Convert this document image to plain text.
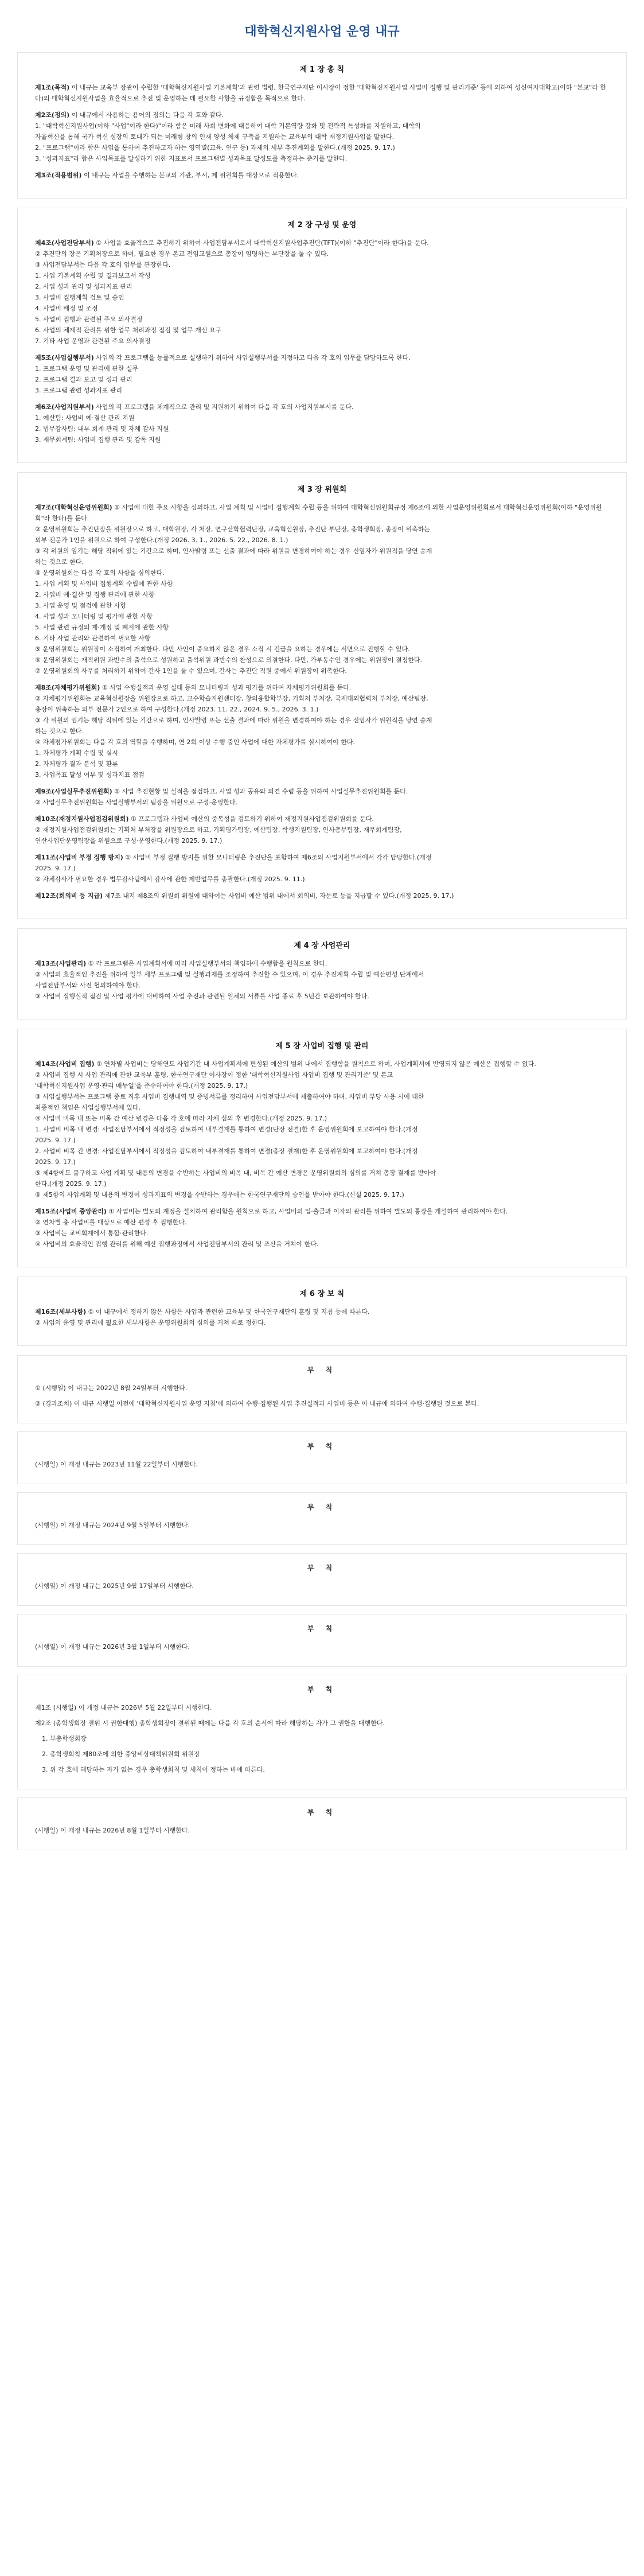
대학혁신지원사업 운영 내규
제 1 장 총 칙
제1조(목적) 이 내규는 교육부 장관이 수립한 '대학혁신지원사업 기본계획'과 관련 법령, 한국연구재단 이사장이 정한 '대학혁신지원사업 사업비 집행 및 관리기준' 등에 의하여 성신여자대학교(이하 "본교"라 한다)의 대학혁신지원사업을 효율적으로 추진 및 운영하는 데 필요한 사항을 규정함을 목적으로 한다.
제2조(정의) 이 내규에서 사용하는 용어의 정의는 다음 각 호와 같다.
1. "대학혁신지원사업(이하 "사업"이라 한다)"이라 함은 미래 사회 변화에 대응하여 대학 기본역량 강화 및 전략적 특성화를 지원하고, 대학의
자율혁신을 통해 국가 혁신 성장의 토대가 되는 미래형 창의 인재 양성 체제 구축을 지원하는 교육부의 대학 재정지원사업을 말한다.
2. "프로그램"이라 함은 사업을 통하여 추진하고자 하는 영역별(교육, 연구 등) 과제의 세부 추진계획을 말한다.(개정 2025. 9. 17.)
3. "성과지표"라 함은 사업목표를 달성하기 위한 지표로서 프로그램별 성과목표 달성도를 측정하는 준거를 말한다.
제3조(적용범위) 이 내규는 사업을 수행하는 본교의 기관, 부서, 제 위원회를 대상으로 적용한다.
제 2 장 구성 및 운영
제4조(사업전담부서) ① 사업을 효율적으로 추진하기 위하여 사업전담부서로서 대학혁신지원사업추진단(TFT)(이하 "추진단"이라 한다)을 둔다.
② 추진단의 장은 기획처장으로 하며, 필요한 경우 본교 전임교원으로 총장이 임명하는 부단장을 둘 수 있다.
③ 사업전담부서는 다음 각 호의 업무를 관장한다.
1. 사업 기본계획 수립 및 결과보고서 작성
2. 사업 성과 관리 및 성과지표 관리
3. 사업비 집행계획 검토 및 승인
4. 사업비 배정 및 조정
5. 사업비 집행과 관련된 주요 의사결정
6. 사업의 체계적 관리를 위한 업무 처리과정 점검 및 업무 개선 요구
7. 기타 사업 운영과 관련된 주요 의사결정
제5조(사업실행부서) 사업의 각 프로그램을 능률적으로 실행하기 위하여 사업실행부서를 지정하고 다음 각 호의 업무를 담당하도록 한다.
1. 프로그램 운영 및 관리에 관한 실무
2. 프로그램 결과 보고 및 성과 관리
3. 프로그램 관련 성과지표 관리
제6조(사업지원부서) 사업의 각 프로그램을 체계적으로 관리 및 지원하기 위하여 다음 각 호의 사업지원부서를 둔다.
1. 예산팀: 사업비 예·결산 관리 지원
2. 법무감사팀: 내부 회계 관리 및 자체 감사 지원
3. 재무회계팀: 사업비 집행 관리 및 감독 지원
제 3 장 위원회
제7조(대학혁신운영위원회) ① 사업에 대한 주요 사항을 심의하고, 사업 계획 및 사업비 집행계획 수립 등을 위하여 대학혁신위원회규정 제6조에 의한 사업운영위원회로서 대학혁신운영위원회(이하 "운영위원회"라 한다)를 둔다.
② 운영위원회는 추진단장을 위원장으로 하고, 대학원장, 각 처장, 연구산학협력단장, 교육혁신원장, 추진단 부단장, 총학생회장, 총장이 위촉하는
외부 전문가 1인을 위원으로 하여 구성한다.(개정 2026. 3. 1., 2026. 5. 22., 2026. 8. 1.)
③ 각 위원의 임기는 해당 직위에 있는 기간으로 하며, 인사발령 또는 선출 결과에 따라 위원을 변경하여야 하는 경우 신임자가 위원직을 당연 승계
하는 것으로 한다.
④ 운영위원회는 다음 각 호의 사항을 심의한다.
1. 사업 계획 및 사업비 집행계획 수립에 관한 사항
2. 사업비 예·결산 및 집행 관리에 관한 사항
3. 사업 운영 및 점검에 관한 사항
4. 사업 성과 모니터링 및 평가에 관한 사항
5. 사업 관련 규정의 제·개정 및 폐지에 관한 사항
6. 기타 사업 관리와 관련하여 필요한 사항
⑤ 운영위원회는 위원장이 소집하여 개최한다. 다만 사안이 중요하지 않은 경우 소집 시 긴급을 요하는 경우에는 서면으로 진행할 수 있다.
⑥ 운영위원회는 재적위원 과반수의 출석으로 성원하고 출석위원 과반수의 찬성으로 의결한다. 다만, 가부동수인 경우에는 위원장이 결정한다.
⑦ 운영위원회의 사무를 처리하기 위하여 간사 1인을 둘 수 있으며, 간사는 추진단 직원 중에서 위원장이 위촉한다.
제8조(자체평가위원회) ① 사업 수행실적과 운영 실태 등의 모니터링과 성과 평가를 위하여 자체평가위원회를 둔다.
② 자체평가위원회는 교육혁신원장을 위원장으로 하고, 교수학습지원센터장, 창의융합학부장, 기획처 부처장, 국제대외협력처 부처장, 예산팀장,
총장이 위촉하는 외부 전문가 2인으로 하여 구성한다.(개정 2023. 11. 22., 2024. 9. 5., 2026. 3. 1.)
③ 각 위원의 임기는 해당 직위에 있는 기간으로 하며, 인사발령 또는 선출 결과에 따라 위원을 변경하여야 하는 경우 신임자가 위원직을 당연 승계
하는 것으로 한다.
④ 자체평가위원회는 다음 각 호의 역할을 수행하며, 연 2회 이상 수행 중인 사업에 대한 자체평가를 실시하여야 한다.
1. 자체평가 계획 수립 및 실시
2. 자체평가 결과 분석 및 환류
3. 사업목표 달성 여부 및 성과지표 점검
제9조(사업실무추진위원회) ① 사업 추진현황 및 실적을 점검하고, 사업 성과 공유와 의견 수렴 등을 위하여 사업실무추진위원회를 둔다.
② 사업실무추진위원회는 사업실행부서의 팀장을 위원으로 구성·운영한다.
제10조(재정지원사업점검위원회) ① 프로그램과 사업비 예산의 중복성을 검토하기 위하여 재정지원사업점검위원회를 둔다.
② 재정지원사업점검위원회는 기획처 부처장을 위원장으로 하고, 기획평가팀장, 예산팀장, 학생지원팀장, 인사총무팀장, 재무회계팀장,
연산사업단운영팀장을 위원으로 구성·운영한다.(개정 2025. 9. 17.)
제11조(사업비 부정 집행 방지) ① 사업비 부정 집행 방지를 위한 모니터링은 추진단을 포함하여 제6조의 사업지원부서에서 각각 담당한다.(개정
2025. 9. 17.)
② 자체감사가 필요한 경우 법무감사팀에서 감사에 관한 제반업무를 총괄한다.(개정 2025. 9. 11.)
제12조(회의비 등 지급) 제7조 내지 제8조의 위원회 위원에 대하여는 사업비 예산 범위 내에서 회의비, 자문료 등을 지급할 수 있다.(개정 2025. 9. 17.)
제 4 장 사업관리
제13조(사업관리) ① 각 프로그램은 사업계획서에 따라 사업실행부서의 책임하에 수행함을 원칙으로 한다.
② 사업의 효율적인 추진을 위하여 일부 세부 프로그램 및 실행과제를 조정하여 추진할 수 있으며, 이 경우 추진계획 수립 및 예산편성 단계에서
사업전담부서와 사전 협의하여야 한다.
③ 사업비 집행실적 점검 및 사업 평가에 대비하여 사업 추진과 관련된 일체의 서류를 사업 종료 후 5년간 보관하여야 한다.
제 5 장 사업비 집행 및 관리
제14조(사업비 집행) ① 연차별 사업비는 당해연도 사업기간 내 사업계획서에 편성된 예산의 범위 내에서 집행함을 원칙으로 하며, 사업계획서에 반영되지 않은 예산은 집행할 수 없다.
② 사업비 집행 시 사업 관리에 관한 교육부 훈령, 한국연구재단 이사장이 정한 '대학혁신지원사업 사업비 집행 및 관리기준' 및 본교
'대학혁신지원사업 운영·관리 매뉴얼'을 준수하여야 한다.(개정 2025. 9. 17.)
③ 사업실행부서는 프로그램 종료 직후 사업비 집행내역 및 증빙서류를 정리하여 사업전담부서에 제출하여야 하며, 사업비 부당 사용 시에 대한
최종적인 책임은 사업실행부서에 있다.
④ 사업비 비목 내 또는 비목 간 예산 변경은 다음 각 호에 따라 자체 심의 후 변경한다.(개정 2025. 9. 17.)
1. 사업비 비목 내 변경: 사업전담부서에서 적정성을 검토하여 내부결재를 통하여 변경(단장 전결)한 후 운영위원회에 보고하여야 한다.(개정
2025. 9. 17.)
2. 사업비 비목 간 변경: 사업전담부서에서 적정성을 검토하여 내부결재를 통하여 변경(총장 결재)한 후 운영위원회에 보고하여야 한다.(개정
2025. 9. 17.)
⑤ 제4항에도 불구하고 사업 계획 및 내용의 변경을 수반하는 사업비의 비목 내, 비목 간 예산 변경은 운영위원회의 심의를 거쳐 총장 결재를 받아야
한다.(개정 2025. 9. 17.)
⑥ 제5항의 사업계획 및 내용의 변경이 성과지표의 변경을 수반하는 경우에는 한국연구재단의 승인을 받아야 한다.(신설 2025. 9. 17.)
제15조(사업비 중앙관리) ① 사업비는 별도의 계정을 설치하여 관리함을 원칙으로 하고, 사업비의 입·출금과 이자의 관리를 위하여 별도의 통장을 개설하여 관리하여야 한다.
② 연차별 총 사업비를 대상으로 예산 편성 후 집행한다.
③ 사업비는 교비회계에서 통합·관리한다.
④ 사업비의 효율적인 집행 관리를 위해 예산 집행과정에서 사업전담부서의 관리 및 조산을 거쳐야 한다.
제 6 장 보 칙
제16조(세부사항) ① 이 내규에서 정하지 않은 사항은 사업과 관련한 교육부 및 한국연구재단의 훈령 및 지침 등에 따른다.
② 사업의 운영 및 관리에 필요한 세부사항은 운영위원회의 심의를 거쳐 따로 정한다.
부 칙
① (시행일) 이 내규는 2022년 8월 24일부터 시행한다.
② (경과조치) 이 내규 시행일 이전에 '대학혁신지원사업 운영 지침'에 의하여 수행·집행된 사업 추진실적과 사업비 등은 이 내규에 의하여 수행·집행된 것으로 본다.
부 칙
(시행일) 이 개정 내규는 2023년 11월 22일부터 시행한다.
부 칙
(시행일) 이 개정 내규는 2024년 9월 5일부터 시행한다.
부 칙
(시행일) 이 개정 내규는 2025년 9월 17일부터 시행한다.
부 칙
(시행일) 이 개정 내규는 2026년 3월 1일부터 시행한다.
부 칙
제1조 (시행일) 이 개정 내규는 2026년 5월 22일부터 시행한다.
제2조 (총학생회장 결위 시 권한대행) 총학생회장이 결위된 때에는 다음 각 호의 순서에 따라 해당하는 자가 그 권한을 대행한다.
1. 부총학생회장
2. 총학생회칙 제80조에 의한 중앙비상대책위원회 위원장
3. 위 각 호에 해당하는 자가 없는 경우 총학생회칙 및 세칙이 정하는 바에 따른다.
부 칙
(시행일) 이 개정 내규는 2026년 8월 1일부터 시행한다.
